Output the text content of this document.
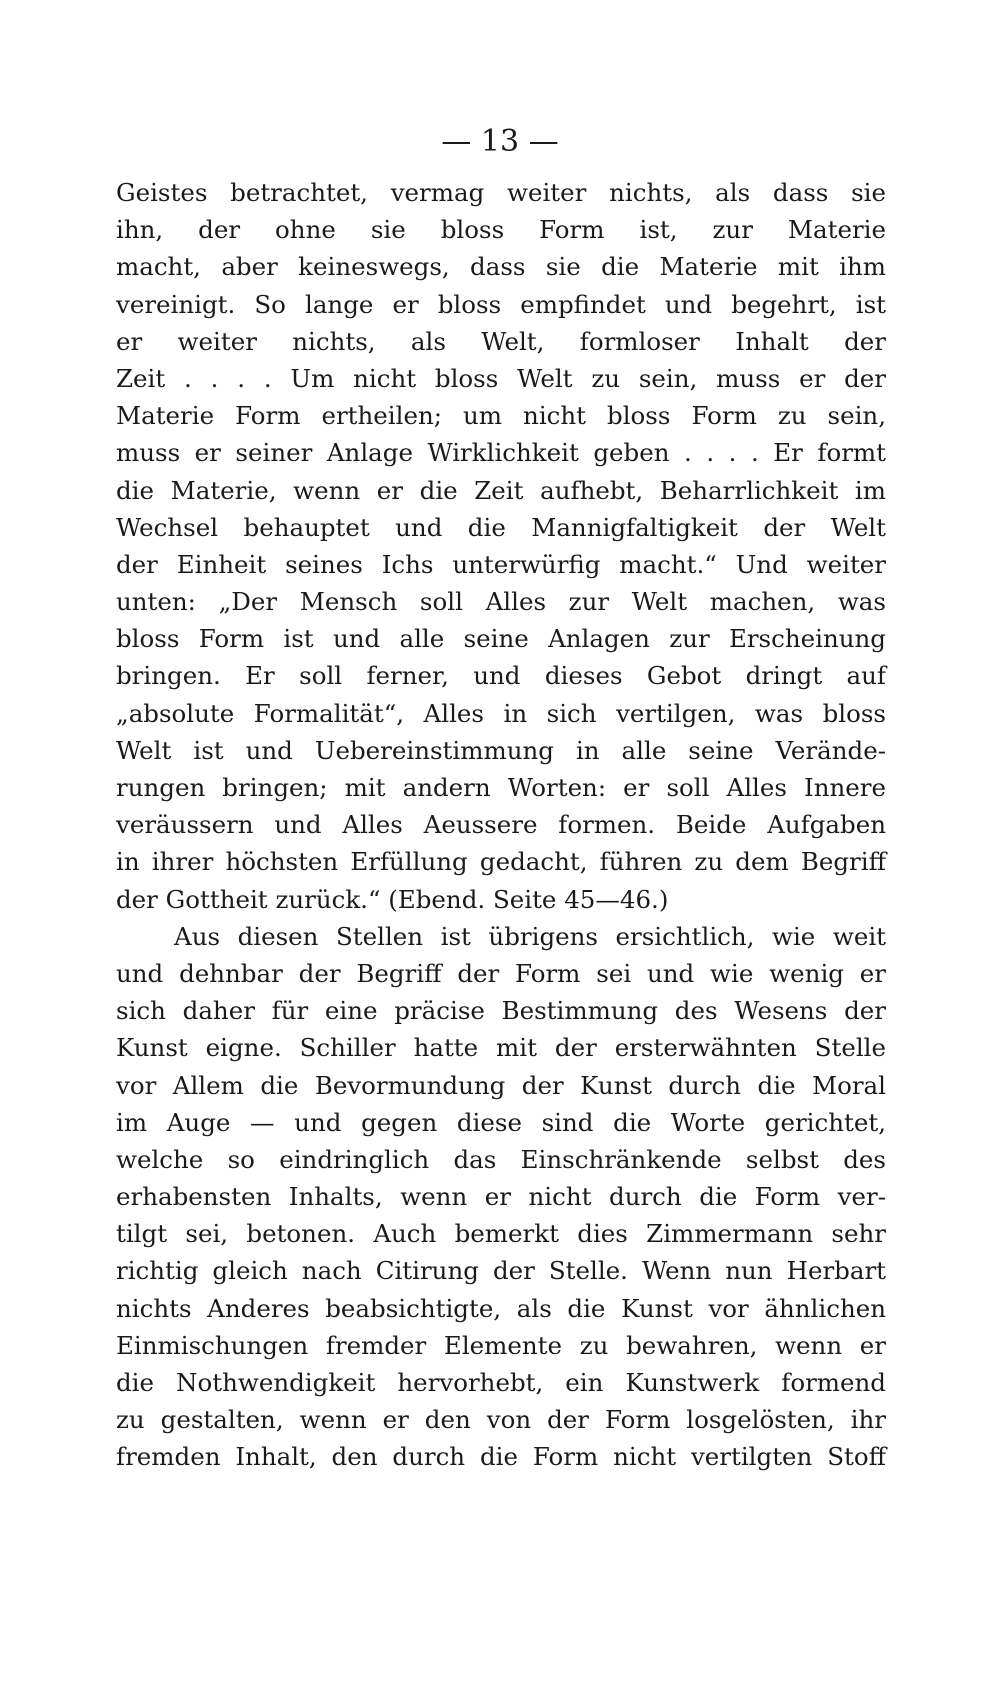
— 13 —
Geistes betrachtet, vermag weiter nichts, als dass sie
ihn, der ohne sie bloss Form ist, zur Materie
macht, aber keineswegs, dass sie die Materie mit ihm
vereinigt. So lange er bloss empfindet und begehrt, ist
er weiter nichts, als Welt, formloser Inhalt der
Zeit . . . . Um nicht bloss Welt zu sein, muss er der
Materie Form ertheilen; um nicht bloss Form zu sein,
muss er seiner Anlage Wirklichkeit geben . . . . Er formt
die Materie, wenn er die Zeit aufhebt, Beharrlichkeit im
Wechsel behauptet und die Mannigfaltigkeit der Welt
der Einheit seines Ichs unterwürfig macht.“ Und weiter
unten: „Der Mensch soll Alles zur Welt machen, was
bloss Form ist und alle seine Anlagen zur Erscheinung
bringen. Er soll ferner, und dieses Gebot dringt auf
„absolute Formalität“, Alles in sich vertilgen, was bloss
Welt ist und Uebereinstimmung in alle seine Verände-
rungen bringen; mit andern Worten: er soll Alles Innere
veräussern und Alles Aeussere formen. Beide Aufgaben
in ihrer höchsten Erfüllung gedacht, führen zu dem Begriff
der Gottheit zurück.“ (Ebend. Seite 45—46.)
Aus diesen Stellen ist übrigens ersichtlich, wie weit
und dehnbar der Begriff der Form sei und wie wenig er
sich daher für eine präcise Bestimmung des Wesens der
Kunst eigne. Schiller hatte mit der ersterwähnten Stelle
vor Allem die Bevormundung der Kunst durch die Moral
im Auge — und gegen diese sind die Worte gerichtet,
welche so eindringlich das Einschränkende selbst des
erhabensten Inhalts, wenn er nicht durch die Form ver-
tilgt sei, betonen. Auch bemerkt dies Zimmermann sehr
richtig gleich nach Citirung der Stelle. Wenn nun Herbart
nichts Anderes beabsichtigte, als die Kunst vor ähnlichen
Einmischungen fremder Elemente zu bewahren, wenn er
die Nothwendigkeit hervorhebt, ein Kunstwerk formend
zu gestalten, wenn er den von der Form losgelösten, ihr
fremden Inhalt, den durch die Form nicht vertilgten Stoff
